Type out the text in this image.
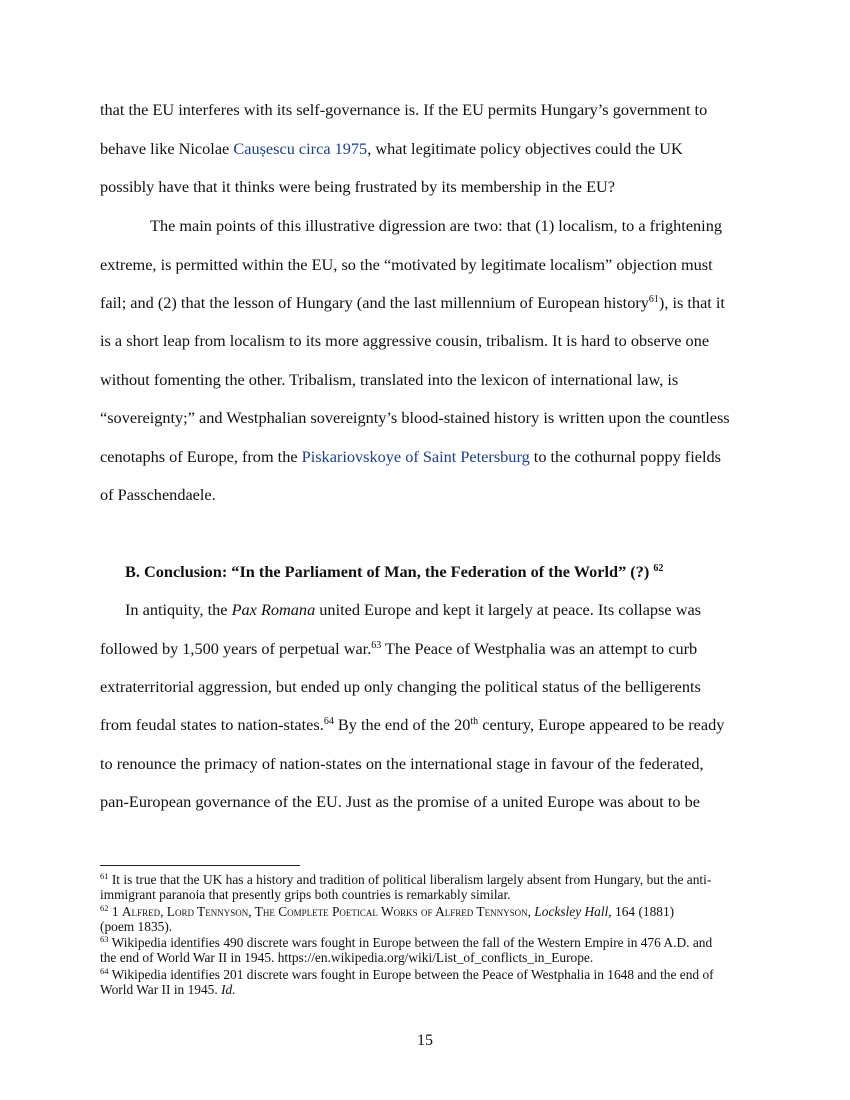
that the EU interferes with its self-governance is. If the EU permits Hungary’s government to
behave like Nicolae Caușescu circa 1975, what legitimate policy objectives could the UK
possibly have that it thinks were being frustrated by its membership in the EU?
The main points of this illustrative digression are two: that (1) localism, to a frightening
extreme, is permitted within the EU, so the “motivated by legitimate localism” objection must
fail; and (2) that the lesson of Hungary (and the last millennium of European history$^{61}$), is that it
is a short leap from localism to its more aggressive cousin, tribalism. It is hard to observe one
without fomenting the other. Tribalism, translated into the lexicon of international law, is
“sovereignty;” and Westphalian sovereignty’s blood-stained history is written upon the countless
cenotaphs of Europe, from the Piskariovskoye of Saint Petersburg to the cothurnal poppy fields
of Passchendaele.
B. Conclusion: “In the Parliament of Man, the Federation of the World” (?) $^{62}$
In antiquity, the Pax Romana united Europe and kept it largely at peace. Its collapse was
followed by 1,500 years of perpetual war.$^{63}$ The Peace of Westphalia was an attempt to curb
extraterritorial aggression, but ended up only changing the political status of the belligerents
from feudal states to nation-states.$^{64}$ By the end of the 20th century, Europe appeared to be ready
to renounce the primacy of nation-states on the international stage in favour of the federated,
pan-European governance of the EU. Just as the promise of a united Europe was about to be
$^{61}$ It is true that the UK has a history and tradition of political liberalism largely absent from Hungary, but the anti-
immigrant paranoia that presently grips both countries is remarkably similar.
$^{62}$ 1 Alfred, Lord Tennyson, The Complete Poetical Works of Alfred Tennyson, Locksley Hall, 164 (1881)
(poem 1835).
$^{63}$ Wikipedia identifies 490 discrete wars fought in Europe between the fall of the Western Empire in 476 A.D. and
the end of World War II in 1945. https://en.wikipedia.org/wiki/List_of_conflicts_in_Europe.
$^{64}$ Wikipedia identifies 201 discrete wars fought in Europe between the Peace of Westphalia in 1648 and the end of
World War II in 1945. Id.
15
